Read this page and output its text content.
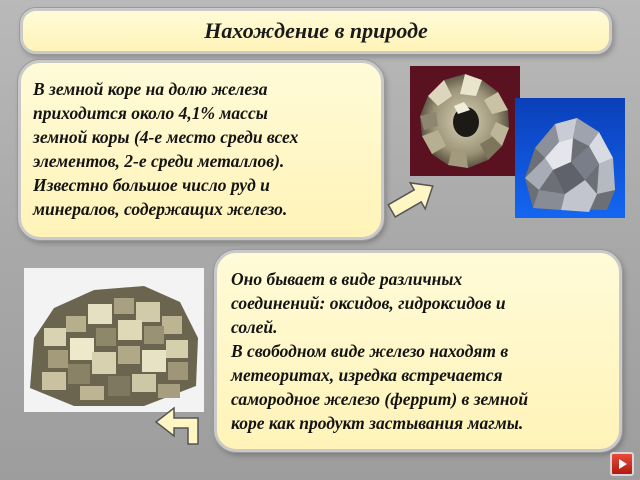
Нахождение в природе

В земной коре на долю железа

приходится около 4,1% массы

земной коры (4-е место среди всех

элементов, 2-е среди металлов).

Известно большое число руд и

минералов, содержащих железо.

Оно бывает в виде различных

соединений: оксидов, гидроксидов и

солей.

В свободном виде железо находят в

метеоритах, изредка встречается

самородное железо (феррит) в земной

коре как продукт застывания магмы.
